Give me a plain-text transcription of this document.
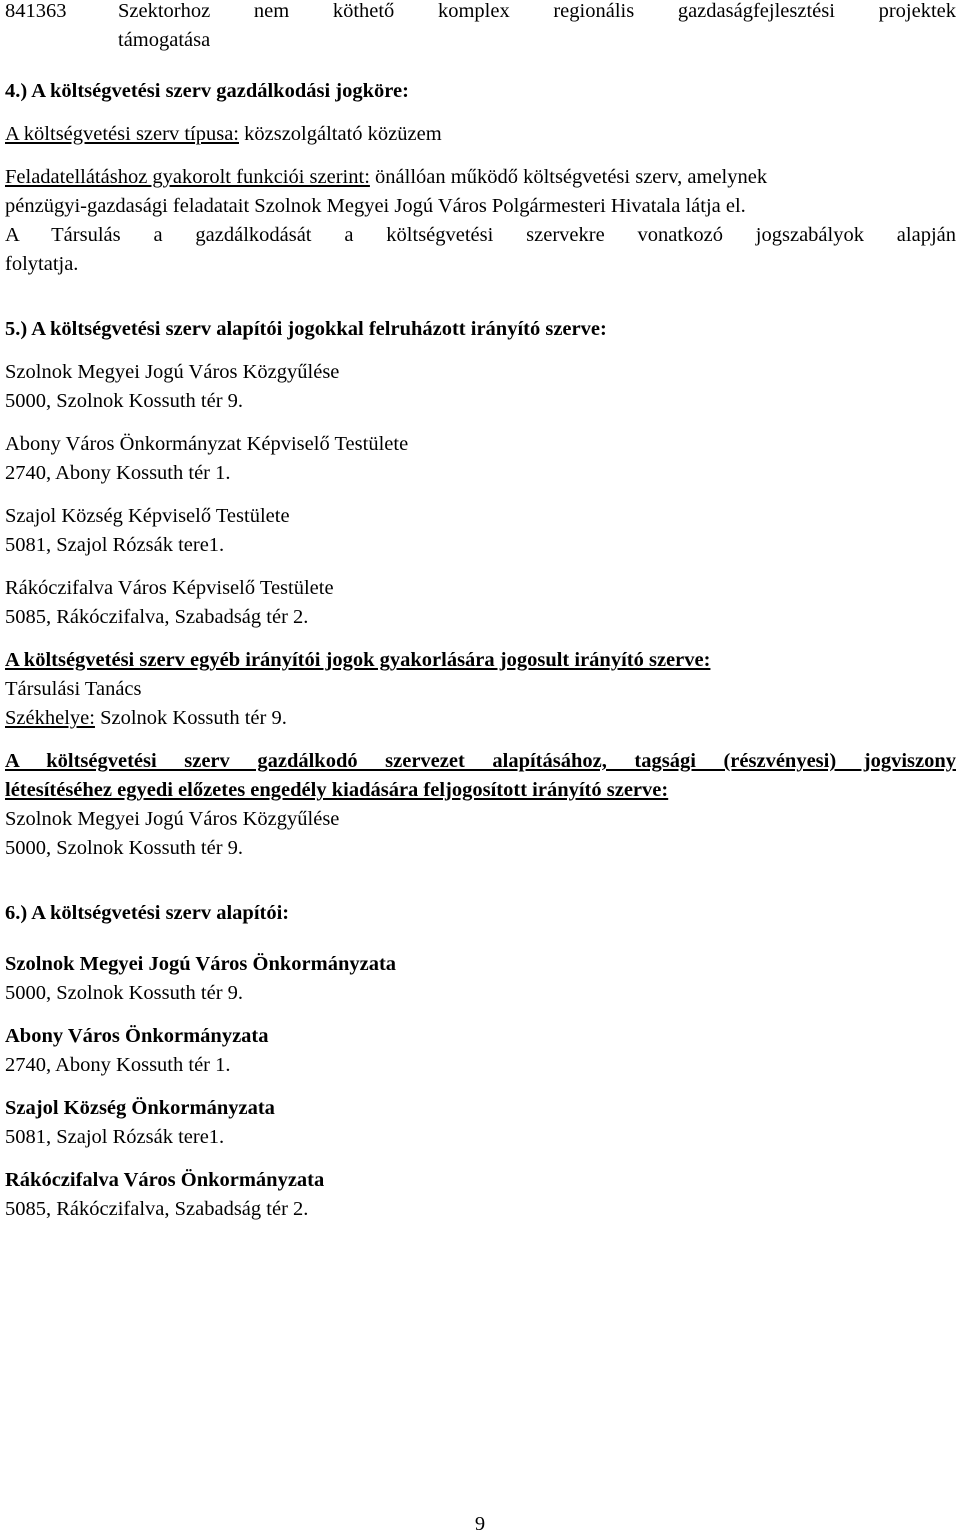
841363	Szektorhoz nem köthető komplex regionális gazdaságfejlesztési projektek
támogatása

4.) A költségvetési szerv gazdálkodási jogköre:

A költségvetési szerv típusa: közszolgáltató közüzem

Feladatellátáshoz gyakorolt funkciói szerint: önállóan működő költségvetési szerv, amelynek

pénzügyi-gazdasági feladatait Szolnok Megyei Jogú Város Polgármesteri Hivatala látja el.

A Társulás a gazdálkodását a költségvetési szervekre vonatkozó jogszabályok alapján

folytatja.

5.) A költségvetési szerv alapítói jogokkal felruházott irányító szerve:

Szolnok Megyei Jogú Város Közgyűlése

5000, Szolnok Kossuth tér 9.

Abony Város Önkormányzat Képviselő Testülete

2740, Abony Kossuth tér 1.

Szajol Község Képviselő Testülete

5081, Szajol Rózsák tere1.

Rákóczifalva Város Képviselő Testülete

5085, Rákóczifalva, Szabadság tér 2.

A költségvetési szerv egyéb irányítói jogok gyakorlására jogosult irányító szerve:

Társulási Tanács

Székhelye: Szolnok Kossuth tér 9.

A költségvetési szerv gazdálkodó szervezet alapításához, tagsági (részvényesi) jogviszony

létesítéséhez egyedi előzetes engedély kiadására feljogosított irányító szerve:

Szolnok Megyei Jogú Város Közgyűlése

5000, Szolnok Kossuth tér 9.

6.) A költségvetési szerv alapítói:

Szolnok Megyei Jogú Város Önkormányzata

5000, Szolnok Kossuth tér 9.

Abony Város Önkormányzata

2740, Abony Kossuth tér 1.

Szajol Község Önkormányzata

5081, Szajol Rózsák tere1.

Rákóczifalva Város Önkormányzata

5085, Rákóczifalva, Szabadság tér 2.

9
